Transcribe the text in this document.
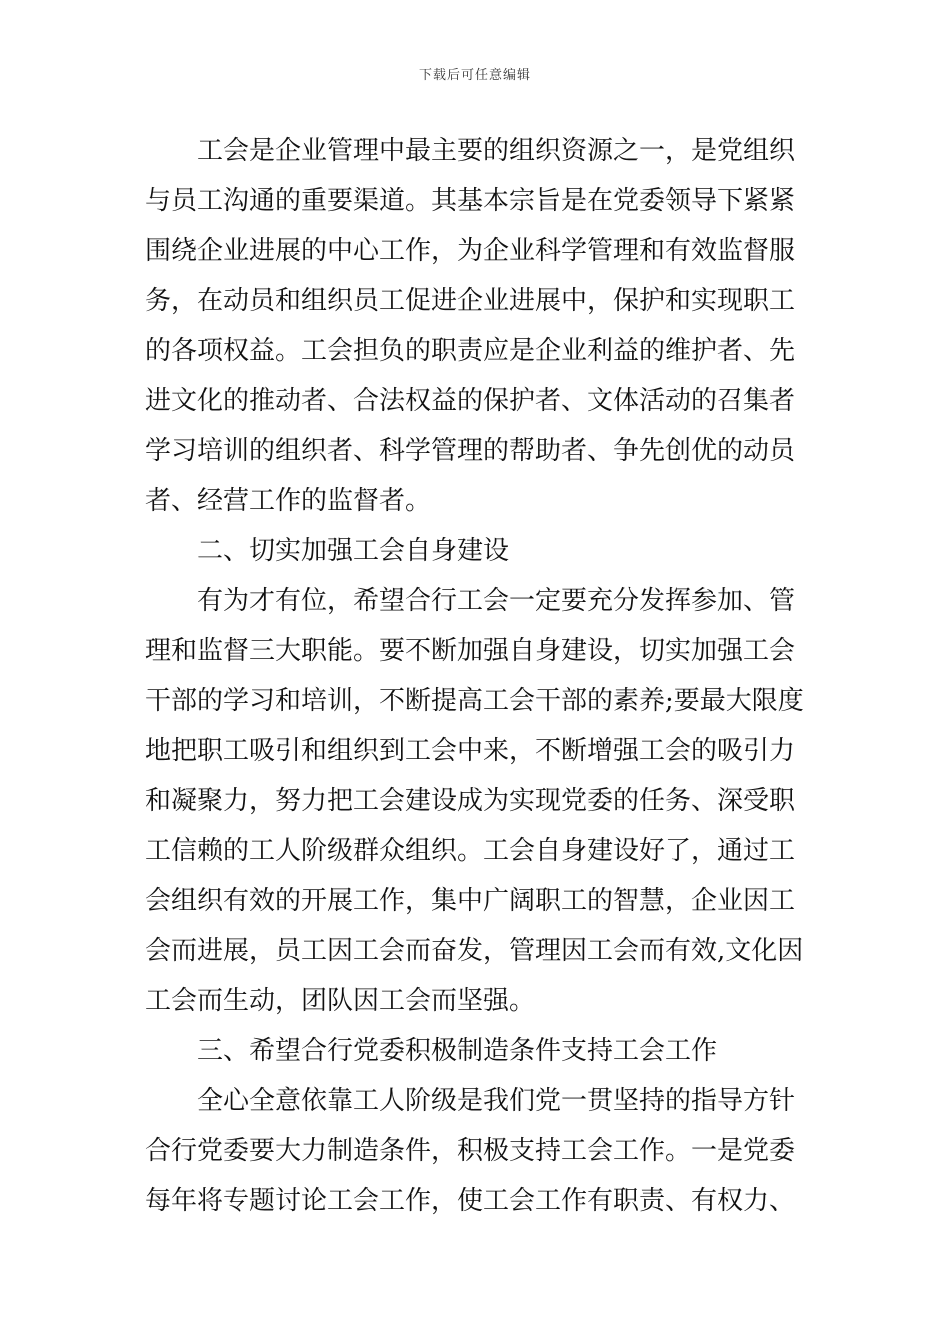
下载后可任意编辑
工会是企业管理中最主要的组织资源之一，是党组织
与员工沟通的重要渠道。其基本宗旨是在党委领导下紧紧
围绕企业进展的中心工作，为企业科学管理和有效监督服
务，在动员和组织员工促进企业进展中，保护和实现职工
的各项权益。工会担负的职责应是企业利益的维护者、先
进文化的推动者、合法权益的保护者、文体活动的召集者
学习培训的组织者、科学管理的帮助者、争先创优的动员
者、经营工作的监督者。
二、切实加强工会自身建设
有为才有位，希望合行工会一定要充分发挥参加、管
理和监督三大职能。要不断加强自身建设，切实加强工会
干部的学习和培训，不断提高工会干部的素养;要最大限度
地把职工吸引和组织到工会中来，不断增强工会的吸引力
和凝聚力，努力把工会建设成为实现党委的任务、深受职
工信赖的工人阶级群众组织。工会自身建设好了，通过工
会组织有效的开展工作，集中广阔职工的智慧，企业因工
会而进展，员工因工会而奋发，管理因工会而有效,文化因
工会而生动，团队因工会而坚强。
三、希望合行党委积极制造条件支持工会工作
全心全意依靠工人阶级是我们党一贯坚持的指导方针
合行党委要大力制造条件，积极支持工会工作。一是党委
每年将专题讨论工会工作，使工会工作有职责、有权力、
